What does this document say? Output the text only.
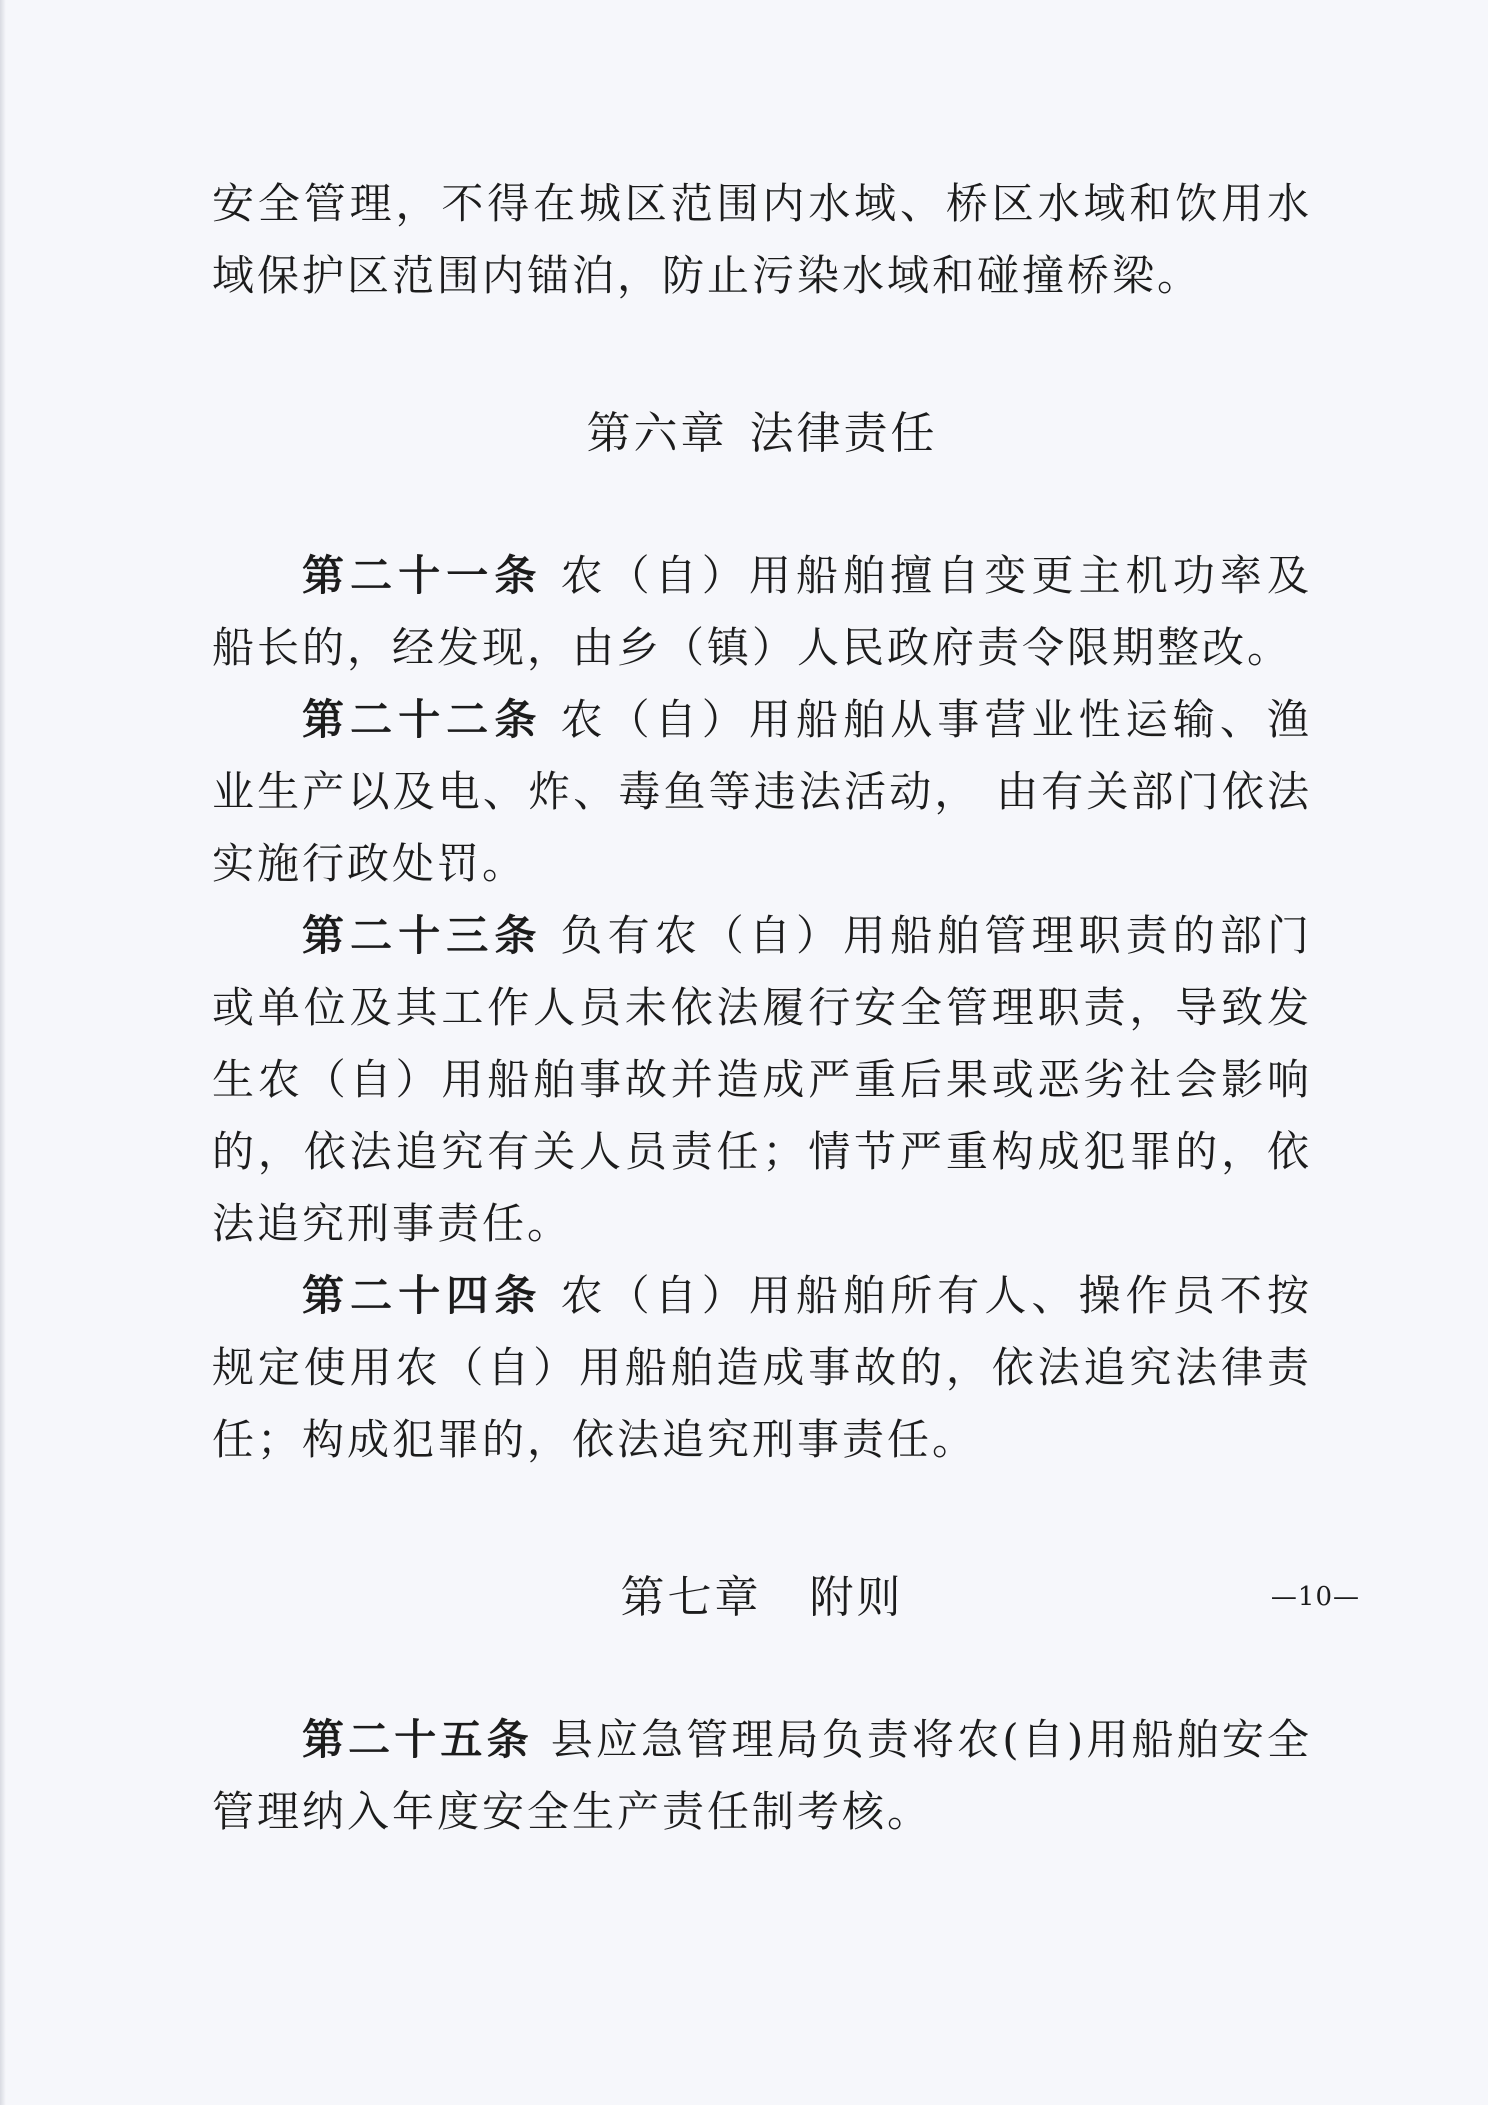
安全管理，不得在城区范围内水域、桥区水域和饮用水域保护区范围内锚泊，防止污染水域和碰撞桥梁。

第六章 法律责任

第二十一条 农（自）用船舶擅自变更主机功率及船长的，经发现，由乡（镇）人民政府责令限期整改。

第二十二条 农（自）用船舶从事营业性运输、渔业生产以及电、炸、毒鱼等违法活动， 由有关部门依法实施行政处罚。

第二十三条 负有农（自）用船舶管理职责的部门或单位及其工作人员未依法履行安全管理职责，导致发生农（自）用船舶事故并造成严重后果或恶劣社会影响的，依法追究有关人员责任；情节严重构成犯罪的，依法追究刑事责任。

第二十四条 农（自）用船舶所有人、操作员不按规定使用农（自）用船舶造成事故的，依法追究法律责任；构成犯罪的，依法追究刑事责任。

第七章 附则

第二十五条 县应急管理局负责将农(自)用船舶安全管理纳入年度安全生产责任制考核。

—10—
